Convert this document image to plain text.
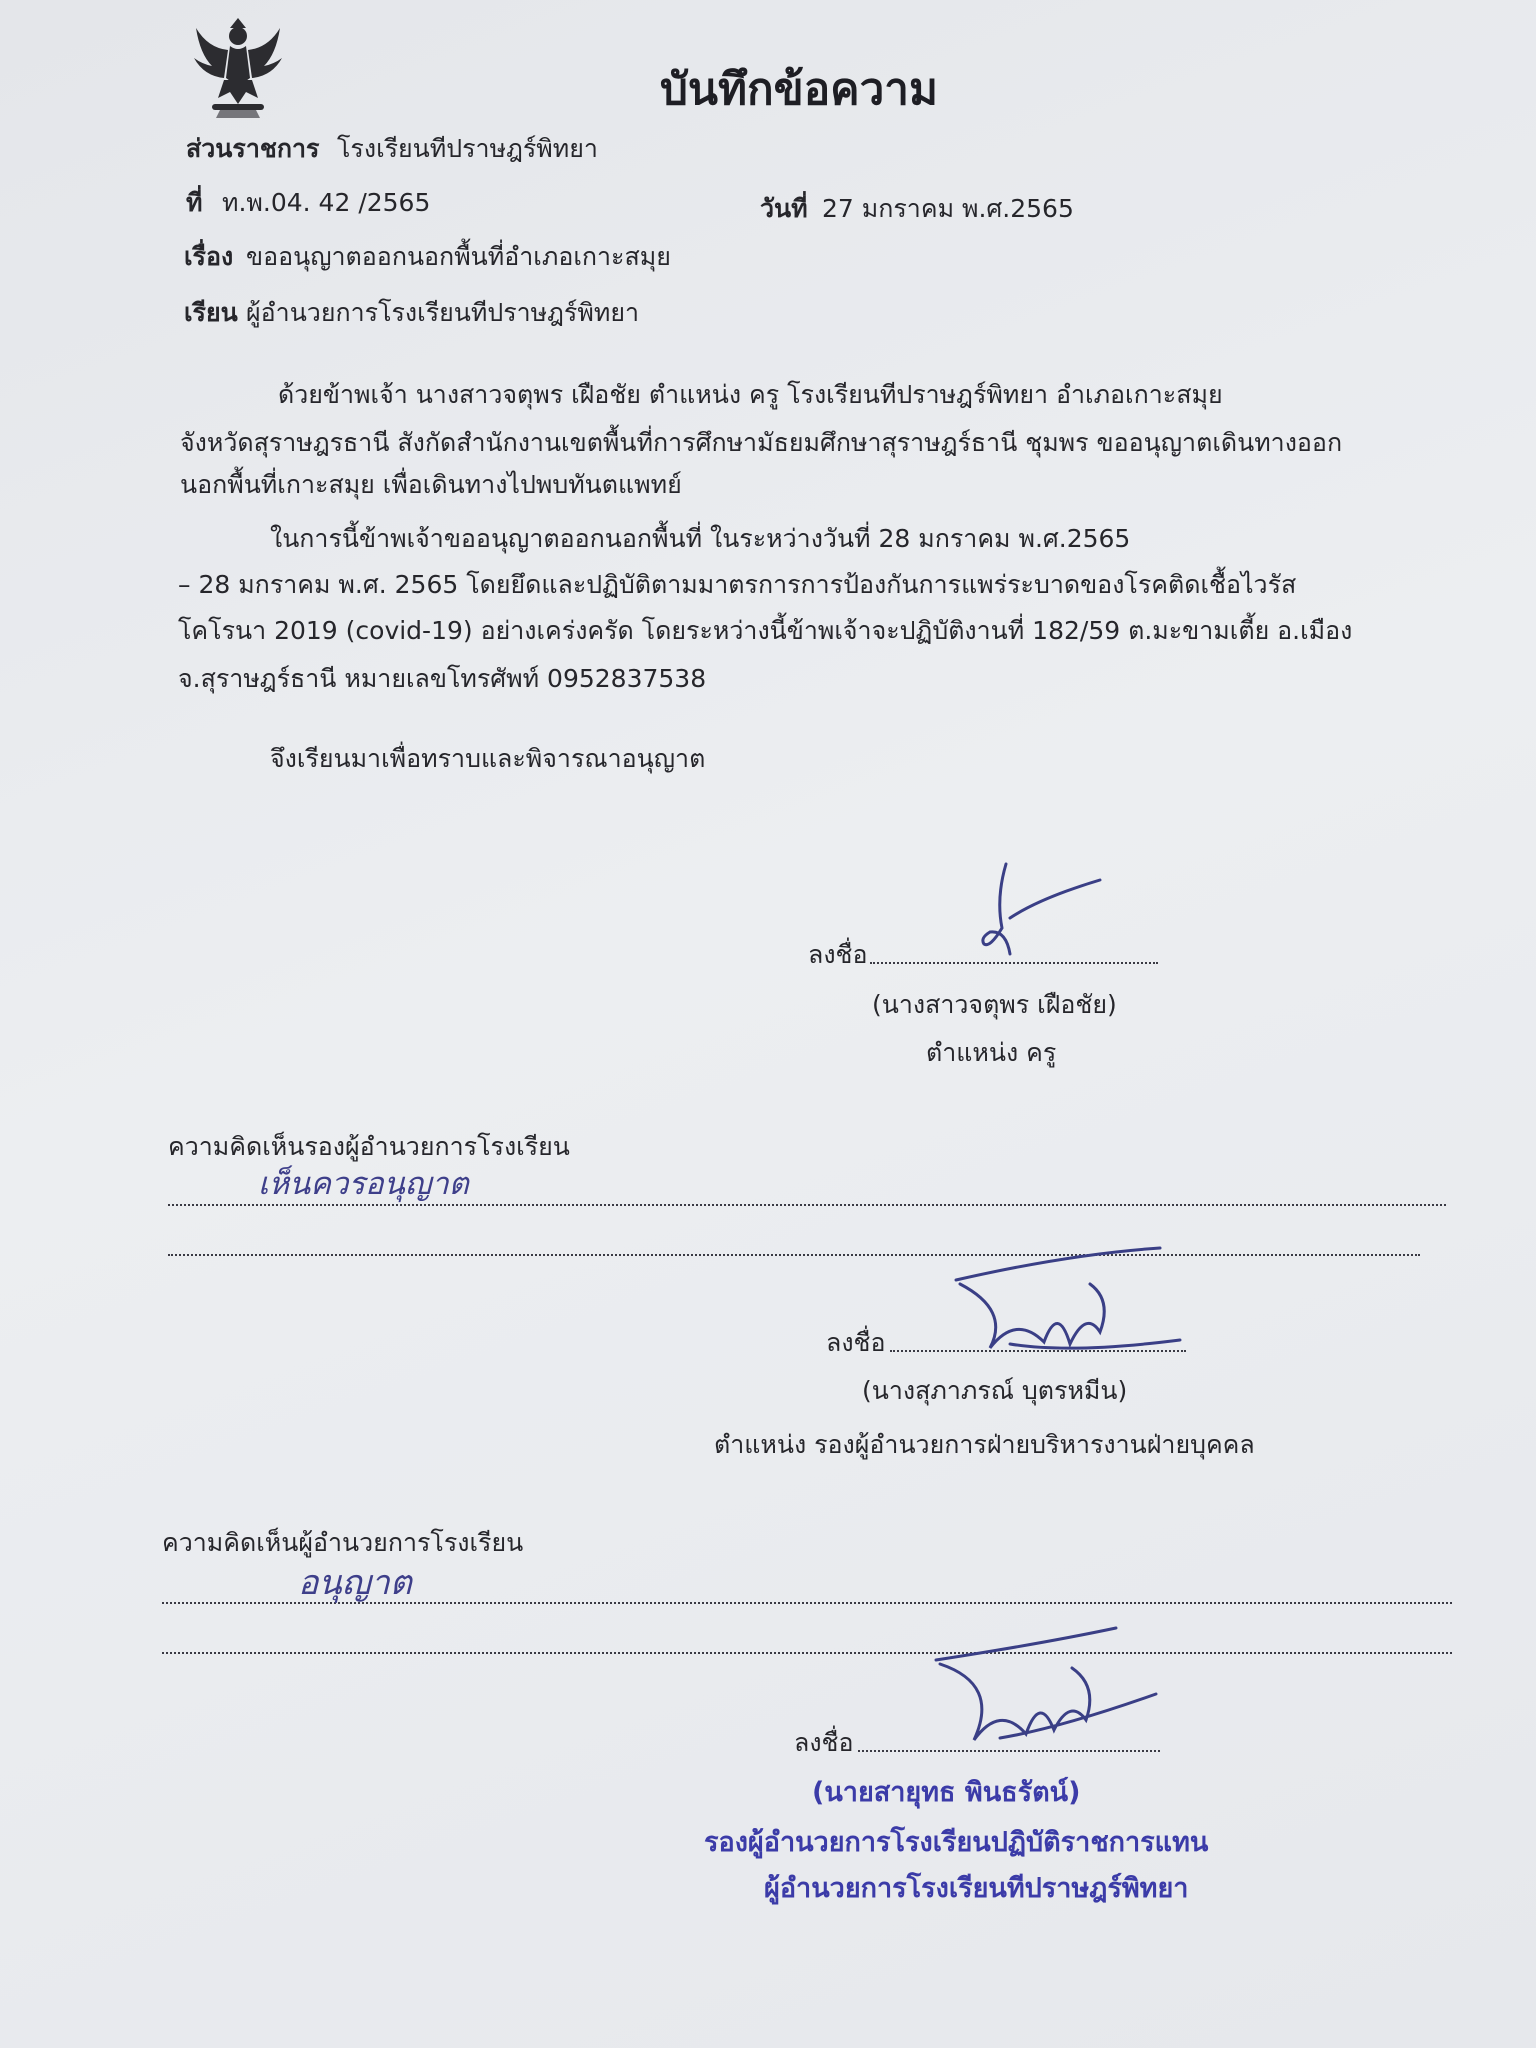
บันทึกข้อความ
ส่วนราชการ โรงเรียนทีปราษฎร์พิทยา
ที่ ท.พ.04. 42 /2565	วันที่ 27 มกราคม พ.ศ.2565
เรื่อง ขออนุญาตออกนอกพื้นที่อำเภอเกาะสมุย
เรียน ผู้อำนวยการโรงเรียนทีปราษฎร์พิทยา
ด้วยข้าพเจ้า นางสาวจตุพร เฝือชัย ตำแหน่ง ครู โรงเรียนทีปราษฎร์พิทยา อำเภอเกาะสมุย
จังหวัดสุราษฎรธานี สังกัดสำนักงานเขตพื้นที่การศึกษามัธยมศึกษาสุราษฎร์ธานี ชุมพร ขออนุญาตเดินทางออก
นอกพื้นที่เกาะสมุย เพื่อเดินทางไปพบทันตแพทย์
ในการนี้ข้าพเจ้าขออนุญาตออกนอกพื้นที่ ในระหว่างวันที่ 28 มกราคม พ.ศ.2565
– 28 มกราคม พ.ศ. 2565 โดยยึดและปฏิบัติตามมาตรการการป้องกันการแพร่ระบาดของโรคติดเชื้อไวรัส
โคโรนา 2019 (covid-19) อย่างเคร่งครัด โดยระหว่างนี้ข้าพเจ้าจะปฏิบัติงานที่ 182/59 ต.มะขามเตี้ย อ.เมือง
จ.สุราษฎร์ธานี หมายเลขโทรศัพท์ 0952837538
จึงเรียนมาเพื่อทราบและพิจารณาอนุญาต
ลงชื่อ
(นางสาวจตุพร เฝือชัย)
ตำแหน่ง ครู
ความคิดเห็นรองผู้อำนวยการโรงเรียน
เห็นควรอนุญาต
ลงชื่อ
(นางสุภาภรณ์ บุตรหมีน)
ตำแหน่ง รองผู้อำนวยการฝ่ายบริหารงานฝ่ายบุคคล
ความคิดเห็นผู้อำนวยการโรงเรียน
อนุญาต
ลงชื่อ
(นายสายุทธ พินธรัตน์)
รองผู้อำนวยการโรงเรียนปฏิบัติราชการแทน
ผู้อำนวยการโรงเรียนทีปราษฎร์พิทยา
